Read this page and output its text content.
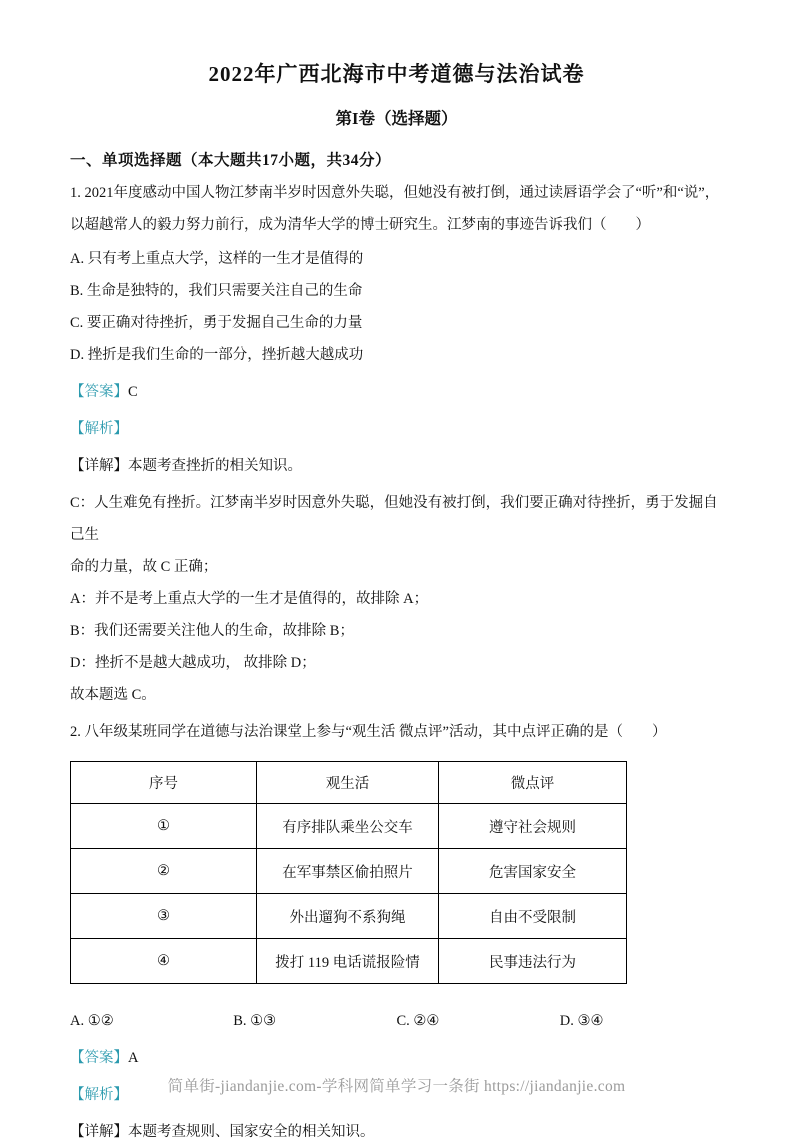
2022年广西北海市中考道德与法治试卷
第I卷（选择题）
一、单项选择题（本大题共17小题，共34分）

1. 2021年度感动中国人物江梦南半岁时因意外失聪，但她没有被打倒，通过读唇语学会了“听”和“说”，

以超越常人的毅力努力前行，成为清华大学的博士研究生。江梦南的事迹告诉我们（　　）

A. 只有考上重点大学，这样的一生才是值得的

B. 生命是独特的，我们只需要关注自己的生命

C. 要正确对待挫折，勇于发掘自己生命的力量

D. 挫折是我们生命的一部分，挫折越大越成功

【答案】C

【解析】

【详解】本题考查挫折的相关知识。

C：人生难免有挫折。江梦南半岁时因意外失聪，但她没有被打倒，我们要正确对待挫折，勇于发掘自己生

命的力量，故 C 正确；

A：并不是考上重点大学的一生才是值得的，故排除 A；

B：我们还需要关注他人的生命，故排除 B；

D：挫折不是越大越成功， 故排除 D；

故本题选 C。

2. 八年级某班同学在道德与法治课堂上参与“观生活 微点评”活动，其中点评正确的是（　　）

序号	观生活	微点评
①	有序排队乘坐公交车	遵守社会规则
②	在军事禁区偷拍照片	危害国家安全
③	外出遛狗不系狗绳	自由不受限制
④	拨打 119 电话谎报险情	民事违法行为
A. ①②	B. ①③	C. ②④	D. ③④

【答案】A

【解析】

【详解】本题考查规则、国家安全的相关知识。

简单街-jiandanjie.com-学科网简单学习一条街 https://jiandanjie.com
